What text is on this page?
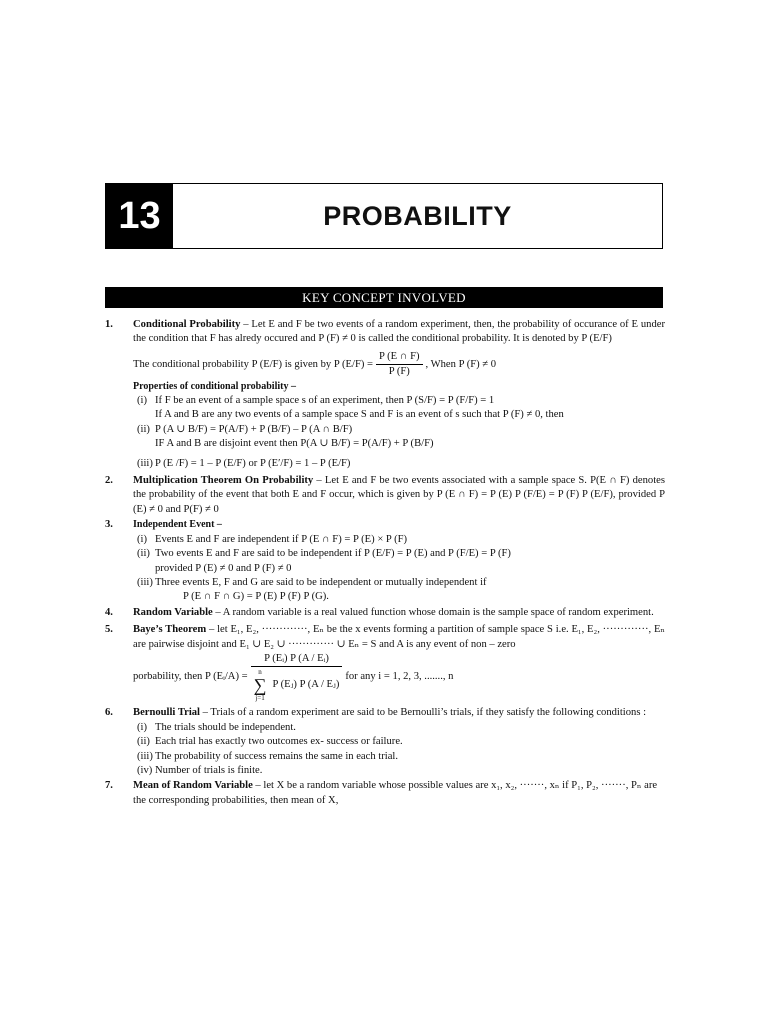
13	PROBABILITY
KEY CONCEPT INVOLVED
1. Conditional Probability – Let E and F be two events of a random experiment, then, the probability of occurance of E under the condition that F has alredy occured and P (F) ≠ 0 is called the conditional probability. It is denoted by P (E/F)
The conditional probability P (E/F) is given by P $(E/F) = \frac{P (E \cap F)}{P (F)}$ , When P (F) ≠ 0
Properties of conditional probability –
(i) If F be an event of a sample space s of an experiment, then P (S/F) = P (F/F) = 1
If A and B are any two events of a sample space S and F is an event of s such that P (F) ≠ 0, then
(ii) P (A ∪ B/F) = P(A/F) + P (B/F) – P (A ∩ B/F)
IF A and B are disjoint event then P(A ∪ B/F) = P(A/F) + P (B/F)
(iii) P (E /F) = 1 – P (E/F) or P (E′/F) = 1 – P (E/F)
2. Multiplication Theorem On Probability – Let E and F be two events associated with a sample space S. P(E ∩ F) denotes the probability of the event that both E and F occur, which is given by P (E ∩ F) = P (E) P (F/E) = P (F) P (E/F), provided P (E) ≠ 0 and P(F) ≠ 0
3. Independent Event –
(i) Events E and F are independent if P (E ∩ F) = P (E) × P (F)
(ii) Two events E and F are said to be independent if P (E/F) = P (E) and P (F/E) = P (F)
provided P (E) ≠ 0 and P (F) ≠ 0
(iii) Three events E, F and G are said to be independent or mutually independent if
P (E ∩ F ∩ G) = P (E) P (F) P (G).
4. Random Variable – A random variable is a real valued function whose domain is the sample space of random experiment.
5. Baye’s Theorem – let E₁, E₂, ·············, Eₙ be the x events forming a partition of sample space S i.e. E₁, E₂, ·············, Eₙ are pairwise disjoint and E₁ ∪ E₂ ∪ ············· ∪ Eₙ = S and A is any event of non – zero
porbability, then P (Eᵢ/A) =
P (Eᵢ) P (A / Eᵢ)
n
∑
j=1
P (Eⱼ) P (A / Eⱼ)
for any i = 1, 2, 3, ......., n
6. Bernoulli Trial – Trials of a random experiment are said to be Bernoulli’s trials, if they satisfy the following conditions :
(i) The trials should be independent.
(ii) Each trial has exactly two outcomes ex- success or failure.
(iii) The probability of success remains the same in each trial.
(iv) Number of trials is finite.
7. Mean of Random Variable – let X be a random variable whose possible values are x₁, x₂, ·······, xₙ if P₁, P₂, ·······, Pₙ are the corresponding probabilities, then mean of X,
